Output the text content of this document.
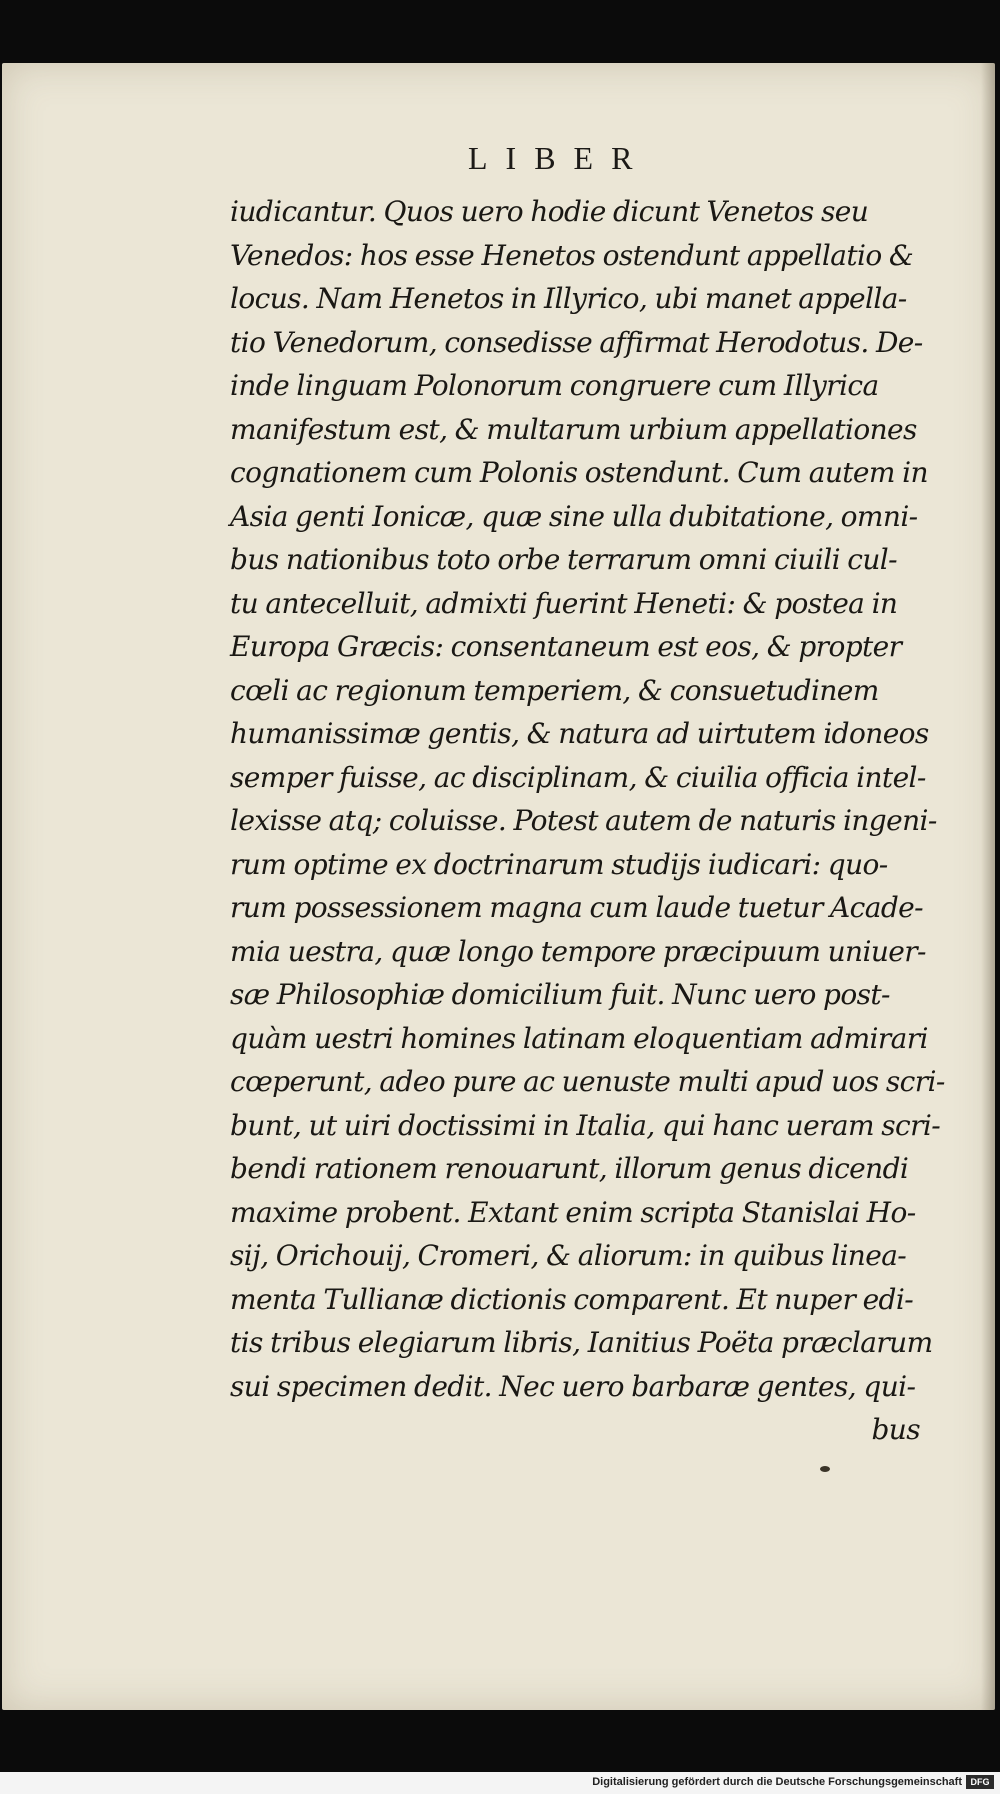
LIBER
iudicantur. Quos uero hodie dicunt Venetos seu
Venedos: hos esse Henetos ostendunt appellatio &
locus. Nam Henetos in Illyrico, ubi manet appella-
tio Venedorum, consedisse affirmat Herodotus. De-
inde linguam Polonorum congruere cum Illyrica
manifestum est, & multarum urbium appellationes
cognationem cum Polonis ostendunt. Cum autem in
Asia genti Ionicæ, quæ sine ulla dubitatione, omni-
bus nationibus toto orbe terrarum omni ciuili cul-
tu antecelluit, admixti fuerint Heneti: & postea in
Europa Græcis: consentaneum est eos, & propter
cœli ac regionum temperiem, & consuetudinem
humanissimæ gentis, & natura ad uirtutem idoneos
semper fuisse, ac disciplinam, & ciuilia officia intel-
lexisse atq; coluisse. Potest autem de naturis ingeni-
rum optime ex doctrinarum studijs iudicari: quo-
rum possessionem magna cum laude tuetur Acade-
mia uestra, quæ longo tempore præcipuum uniuer-
sæ Philosophiæ domicilium fuit. Nunc uero post-
quàm uestri homines latinam eloquentiam admirari
cœperunt, adeo pure ac uenuste multi apud uos scri-
bunt, ut uiri doctissimi in Italia, qui hanc ueram scri-
bendi rationem renouarunt, illorum genus dicendi
maxime probent. Extant enim scripta Stanislai Ho-
sij, Orichouij, Cromeri, & aliorum: in quibus linea-
menta Tullianæ dictionis comparent. Et nuper edi-
tis tribus elegiarum libris, Ianitius Poëta præclarum
sui specimen dedit. Nec uero barbaræ gentes, qui-
bus
Digitalisierung gefördert durch die Deutsche Forschungsgemeinschaft DFG
